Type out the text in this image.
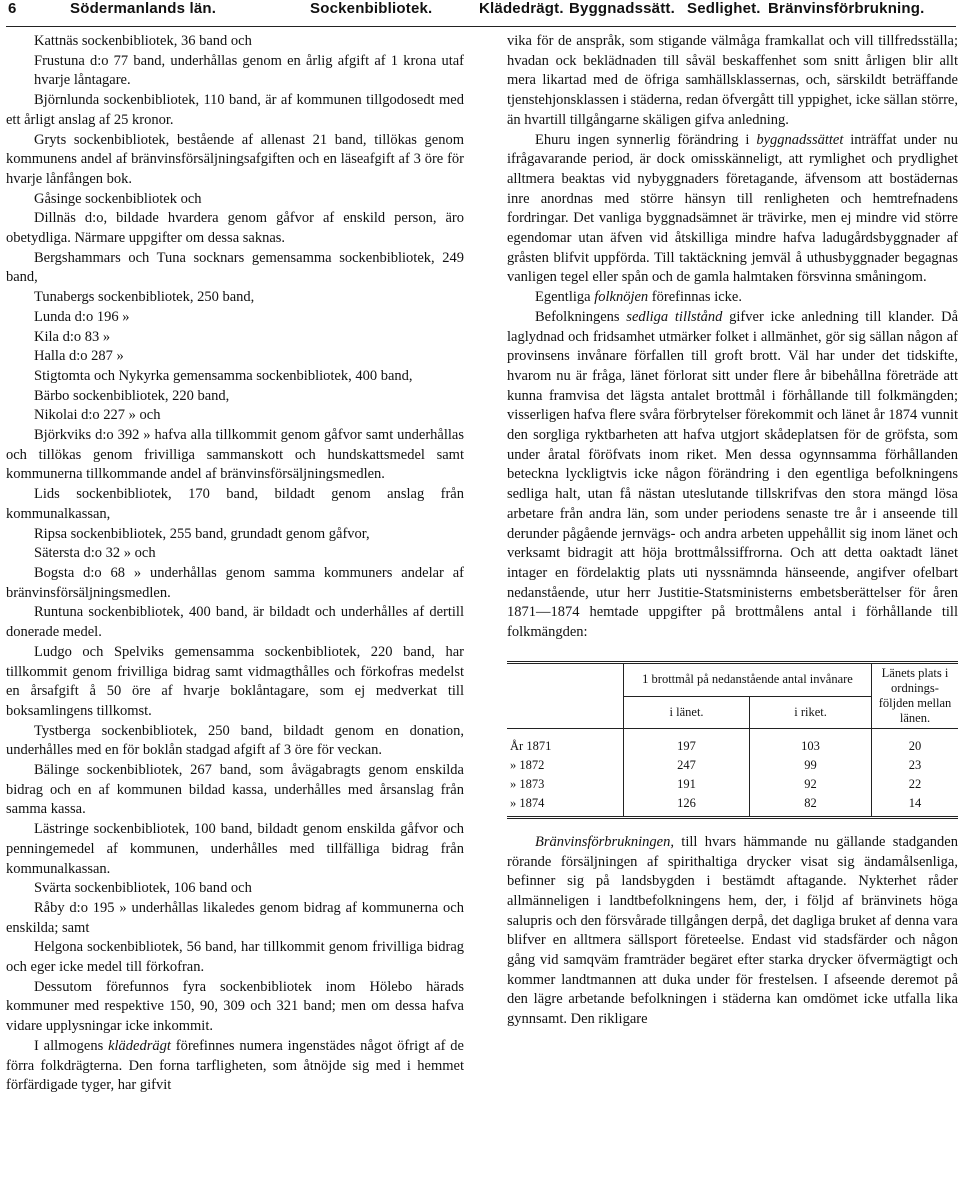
6	Södermanlands län.	Sockenbibliotek.	Klädedrägt. Byggnadssätt. Sedlighet. Bränvinsförbrukning.

Kattnäs sockenbibliotek, 36 band och

Frustuna d:o 77 band, underhållas genom en årlig afgift af 1 krona utaf hvarje låntagare.

Björnlunda sockenbibliotek, 110 band, är af kommunen tillgodosedt med ett årligt anslag af 25 kronor.

Gryts sockenbibliotek, bestående af allenast 21 band, tillökas genom kommunens andel af bränvinsförsäljningsafgiften och en läseafgift af 3 öre för hvarje lånfången bok.

Gåsinge sockenbibliotek och

Dillnäs d:o, bildade hvardera genom gåfvor af enskild person, äro obetydliga. Närmare uppgifter om dessa saknas.

Bergshammars och Tuna socknars gemensamma sockenbibliotek, 249 band,

Tunabergs sockenbibliotek, 250 band,

Lunda d:o 196 »

Kila d:o 83 »

Halla d:o 287 »

Stigtomta och Nykyrka gemensamma sockenbibliotek, 400 band,

Bärbo sockenbibliotek, 220 band,

Nikolai d:o 227 » och

Björkviks d:o 392 » hafva alla tillkommit genom gåfvor samt underhållas och tillökas genom frivilliga sammanskott och hundskattsmedel samt kommunerna tillkommande andel af bränvinsförsäljningsmedlen.

Lids sockenbibliotek, 170 band, bildadt genom anslag från kommunalkassan,

Ripsa sockenbibliotek, 255 band, grundadt genom gåfvor,

Sätersta d:o 32 » och

Bogsta d:o 68 » underhållas genom samma kommuners andelar af bränvinsförsäljningsmedlen.

Runtuna sockenbibliotek, 400 band, är bildadt och underhålles af dertill donerade medel.

Ludgo och Spelviks gemensamma sockenbibliotek, 220 band, har tillkommit genom frivilliga bidrag samt vidmagthålles och förkofras medelst en årsafgift å 50 öre af hvarje boklåntagare, som ej medverkat till boksamlingens tillkomst.

Tystberga sockenbibliotek, 250 band, bildadt genom en donation, underhålles med en för boklån stadgad afgift af 3 öre för veckan.

Bälinge sockenbibliotek, 267 band, som åvägabragts genom enskilda bidrag och en af kommunen bildad kassa, underhålles med årsanslag från samma kassa.

Lästringe sockenbibliotek, 100 band, bildadt genom enskilda gåfvor och penningemedel af kommunen, underhålles med tillfälliga bidrag från kommunalkassan.

Svärta sockenbibliotek, 106 band och

Råby d:o 195 » underhållas likaledes genom bidrag af kommunerna och enskilda; samt

Helgona sockenbibliotek, 56 band, har tillkommit genom frivilliga bidrag och eger icke medel till förkofran.

Dessutom förefunnos fyra sockenbibliotek inom Hölebo härads kommuner med respektive 150, 90, 309 och 321 band; men om dessa hafva vidare upplysningar icke inkommit.

I allmogens klädedrägt förefinnes numera ingenstädes något öfrigt af de förra folkdrägterna. Den forna tarfligheten, som åtnöjde sig med i hemmet förfärdigade tyger, har gifvit

vika för de anspråk, som stigande välmåga framkallat och vill tillfredsställa; hvadan ock beklädnaden till såväl beskaffenhet som snitt årligen blir allt mera likartad med de öfriga samhällsklassernas, och, särskildt beträffande tjenstehjonsklassen i städerna, redan öfvergått till yppighet, icke sällan större, än hvartill tillgångarne skäligen gifva anledning.

Ehuru ingen synnerlig förändring i byggnadssättet inträffat under nu ifrågavarande period, är dock omisskänneligt, att rymlighet och prydlighet alltmera beaktas vid nybyggnaders företagande, äfvensom att bostädernas inre anordnas med större hänsyn till renligheten och hemtrefnadens fordringar. Det vanliga byggnadsämnet är trävirke, men ej mindre vid större egendomar utan äfven vid åtskilliga mindre hafva ladugårdsbyggnader af gråsten blifvit uppförda. Till taktäckning jemväl å uthusbyggnader begagnas vanligen tegel eller spån och de gamla halmtaken försvinna småningom.

Egentliga folknöjen förefinnas icke.

Befolkningens sedliga tillstånd gifver icke anledning till klander. Då laglydnad och fridsamhet utmärker folket i allmänhet, gör sig sällan någon af provinsens invånare förfallen till groft brott. Väl har under det tidskifte, hvarom nu är fråga, länet förlorat sitt under flere år bibehållna företräde att kunna framvisa det lägsta antalet brottmål i förhållande till folkmängden; visserligen hafva flere svåra förbrytelser förekommit och länet år 1874 vunnit den sorgliga ryktbarheten att hafva utgjort skådeplatsen för de gröfsta, som under åratal föröfvats inom riket. Men dessa ogynnsamma förhållanden beteckna lyckligtvis icke någon förändring i den egentliga befolkningens sedliga halt, utan få nästan uteslutande tillskrifvas den stora mängd lösa arbetare från andra län, som under periodens senaste tre år i anseende till derunder pågående jernvägs- och andra arbeten uppehållit sig inom länet och verksamt bidragit att höja brottmålssiffrorna. Och att detta oaktadt länet intager en fördelaktig plats uti nyssnämnda hänseende, angifver ofelbart nedanstående, utur herr Justitie-Statsministerns embetsberättelser för åren 1871—1874 hemtade uppgifter på brottmålens antal i förhållande till folkmängden:

	1 brottmål på nedanstående antal invånare		Länets plats i ordnings-följden mellan länen.
	i länet.	i riket.	
År 1871	197	103	20
» 1872	247	99	23
» 1873	191	92	22
» 1874	126	82	14

Bränvinsförbrukningen, till hvars hämmande nu gällande stadganden rörande försäljningen af spirithaltiga drycker visat sig ändamålsenliga, befinner sig på landsbygden i bestämdt aftagande. Nykterhet råder allmänneligen i landtbefolkningens hem, der, i följd af bränvinets höga salupris och den försvårade tillgången derpå, det dagliga bruket af denna vara blifver en alltmera sällsport företeelse. Endast vid stadsfärder och någon gång vid samqväm framträder begäret efter starka drycker öfvermägtigt och kommer landtmannen att duka under för frestelsen. I afseende deremot på den lägre arbetande befolkningen i städerna kan omdömet icke utfalla lika gynnsamt. Den rikligare
